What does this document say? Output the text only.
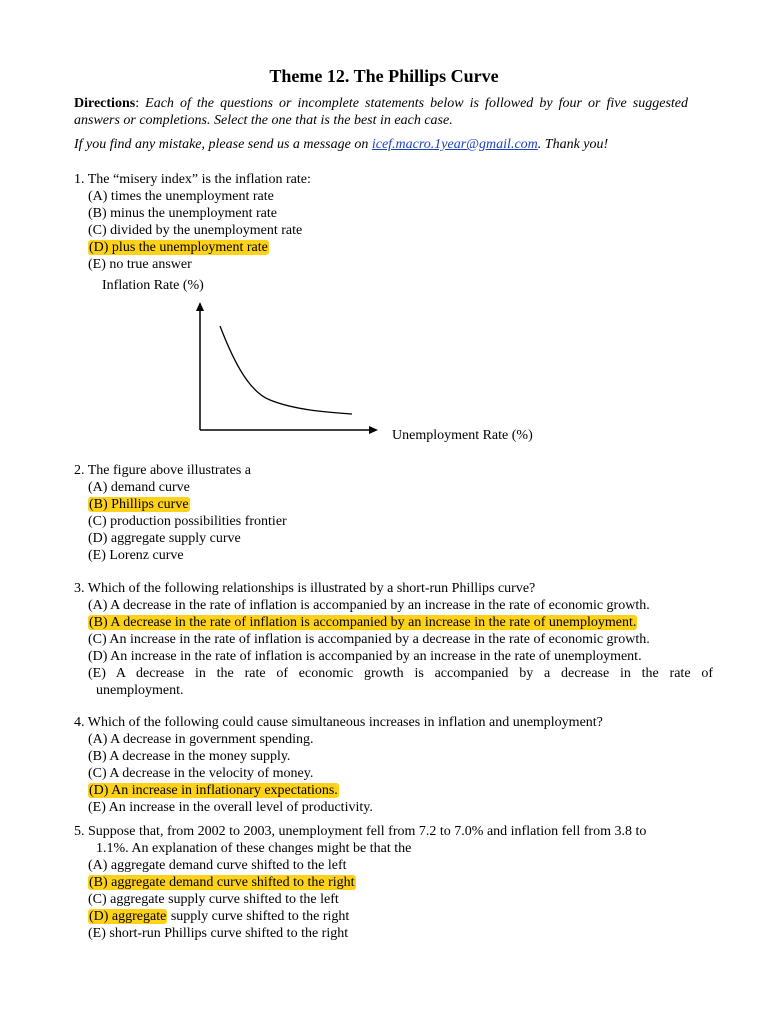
Theme 12. The Phillips Curve
Directions: Each of the questions or incomplete statements below is followed by four or five suggested answers or completions. Select the one that is the best in each case.
If you find any mistake, please send us a message on icef.macro.1year@gmail.com. Thank you!
1. The “misery index” is the inflation rate:
(A) times the unemployment rate
(B) minus the unemployment rate
(C) divided by the unemployment rate
(D) plus the unemployment rate
(E) no true answer
Inflation Rate (%)
Unemployment Rate (%)
2. The figure above illustrates a
(A) demand curve
(B) Phillips curve
(C) production possibilities frontier
(D) aggregate supply curve
(E) Lorenz curve
3. Which of the following relationships is illustrated by a short-run Phillips curve?
(A) A decrease in the rate of inflation is accompanied by an increase in the rate of economic growth.
(B) A decrease in the rate of inflation is accompanied by an increase in the rate of unemployment.
(C) An increase in the rate of inflation is accompanied by a decrease in the rate of economic growth.
(D) An increase in the rate of inflation is accompanied by an increase in the rate of unemployment.
(E) A decrease in the rate of economic growth is accompanied by a decrease in the rate of
unemployment.
4. Which of the following could cause simultaneous increases in inflation and unemployment?
(A) A decrease in government spending.
(B) A decrease in the money supply.
(C) A decrease in the velocity of money.
(D) An increase in inflationary expectations.
(E) An increase in the overall level of productivity.
5. Suppose that, from 2002 to 2003, unemployment fell from 7.2 to 7.0% and inflation fell from 3.8 to
1.1%. An explanation of these changes might be that the
(A) aggregate demand curve shifted to the left
(B) aggregate demand curve shifted to the right
(C) aggregate supply curve shifted to the left
(D) aggregate supply curve shifted to the right
(E) short-run Phillips curve shifted to the right
